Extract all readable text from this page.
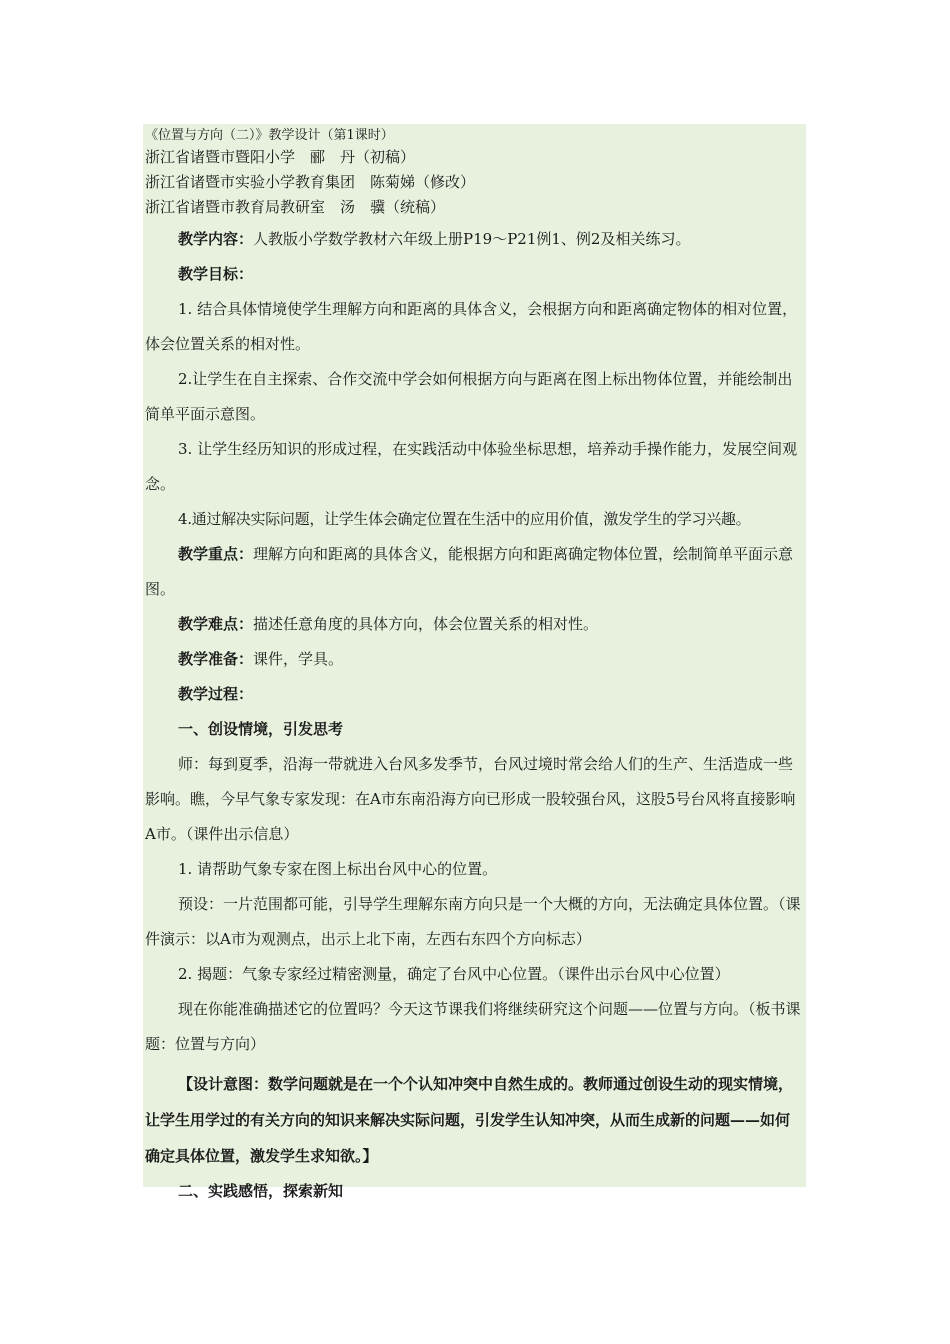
《位置与方向（二）》教学设计（第1课时）

浙江省诸暨市暨阳小学　郦　丹（初稿）

浙江省诸暨市实验小学教育集团　陈菊娣（修改）

浙江省诸暨市教育局教研室　汤　骥（统稿）

教学内容：人教版小学数学教材六年级上册P19～P21例1、例2及相关练习。

教学目标：

1. 结合具体情境使学生理解方向和距离的具体含义，会根据方向和距离确定物体的相对位置，体会位置关系的相对性。

2.让学生在自主探索、合作交流中学会如何根据方向与距离在图上标出物体位置，并能绘制出简单平面示意图。

3. 让学生经历知识的形成过程，在实践活动中体验坐标思想，培养动手操作能力，发展空间观念。

4.通过解决实际问题，让学生体会确定位置在生活中的应用价值，激发学生的学习兴趣。

教学重点：理解方向和距离的具体含义，能根据方向和距离确定物体位置，绘制简单平面示意图。

教学难点：描述任意角度的具体方向，体会位置关系的相对性。

教学准备：课件，学具。

教学过程：

一、创设情境，引发思考

师：每到夏季，沿海一带就进入台风多发季节，台风过境时常会给人们的生产、生活造成一些影响。瞧，今早气象专家发现：在A市东南沿海方向已形成一股较强台风，这股5号台风将直接影响A市。（课件出示信息）

1. 请帮助气象专家在图上标出台风中心的位置。

预设：一片范围都可能，引导学生理解东南方向只是一个大概的方向，无法确定具体位置。（课件演示：以A市为观测点，出示上北下南，左西右东四个方向标志）

2. 揭题：气象专家经过精密测量，确定了台风中心位置。（课件出示台风中心位置）

现在你能准确描述它的位置吗？今天这节课我们将继续研究这个问题——位置与方向。（板书课题：位置与方向）

【设计意图：数学问题就是在一个个认知冲突中自然生成的。教师通过创设生动的现实情境，让学生用学过的有关方向的知识来解决实际问题，引发学生认知冲突，从而生成新的问题——如何确定具体位置，激发学生求知欲。】

二、实践感悟，探索新知
